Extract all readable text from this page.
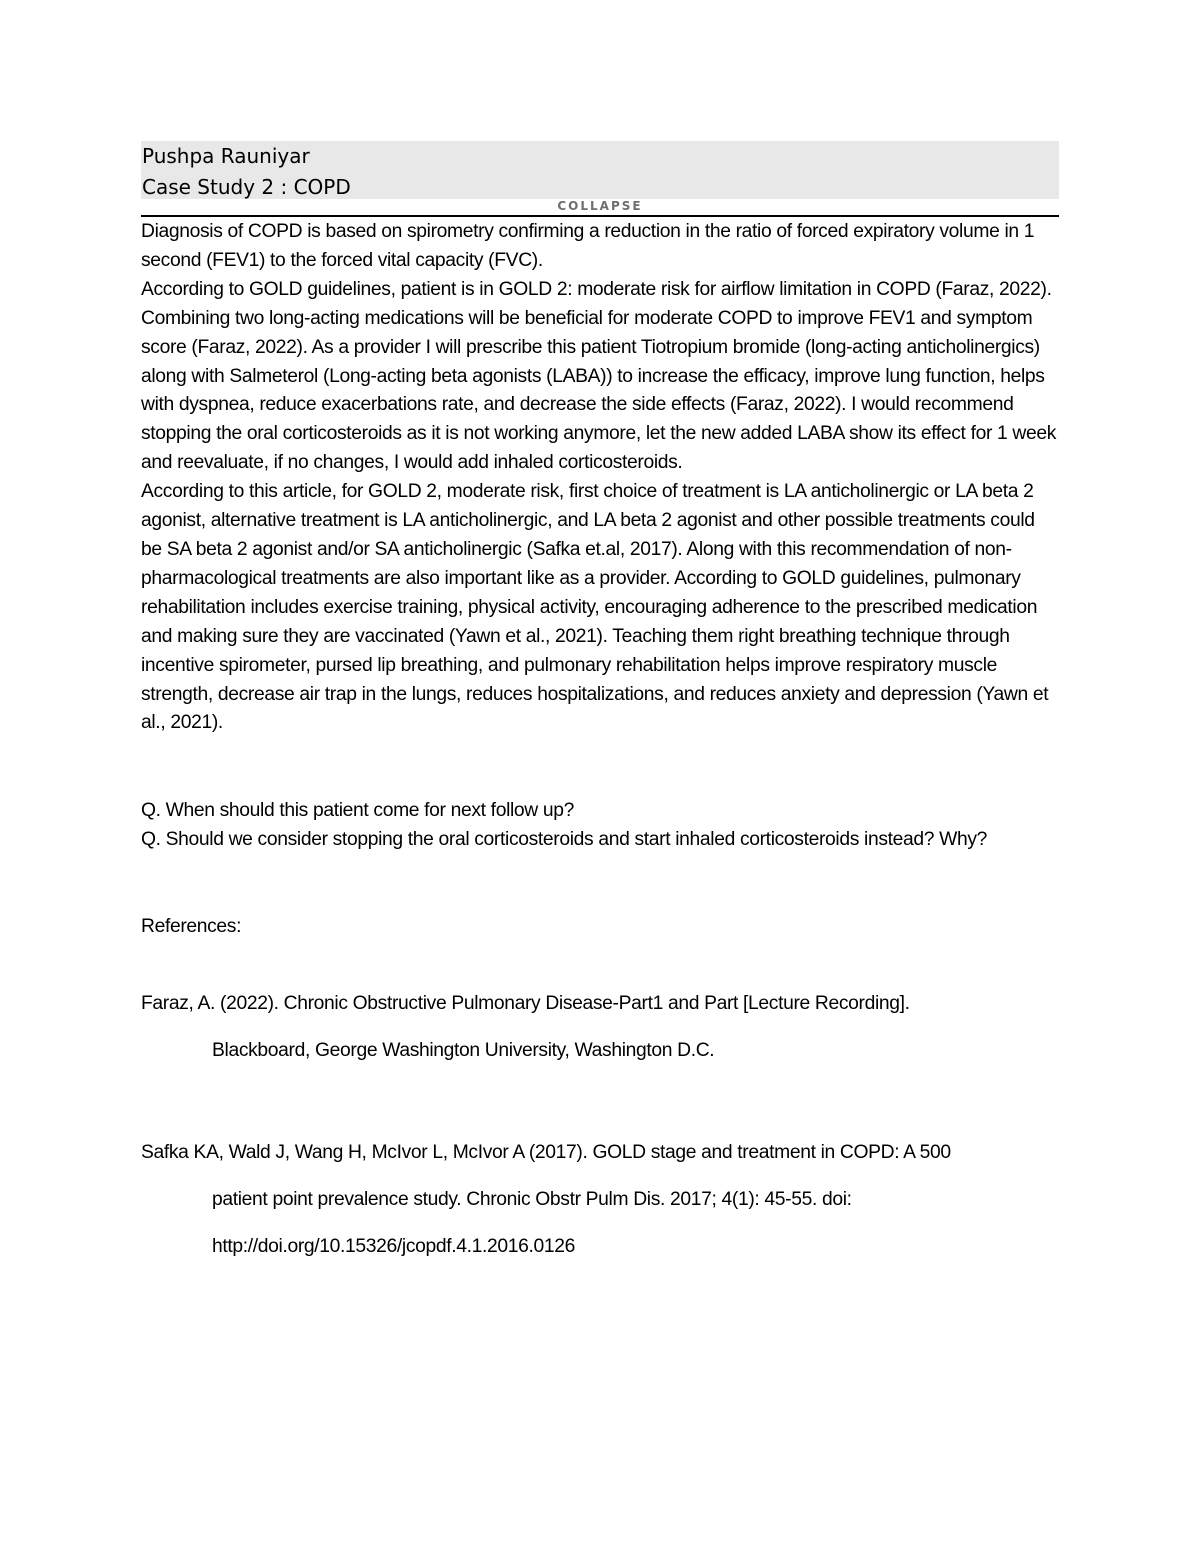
Pushpa Rauniyar
Case Study 2 : COPD
COLLAPSE

Diagnosis of COPD is based on spirometry confirming a reduction in the ratio of forced expiratory volume in 1 second (FEV1) to the forced vital capacity (FVC).

According to GOLD guidelines, patient is in GOLD 2: moderate risk for airflow limitation in COPD (Faraz, 2022). Combining two long-acting medications will be beneficial for moderate COPD to improve FEV1 and symptom score (Faraz, 2022). As a provider I will prescribe this patient Tiotropium bromide (long-acting anticholinergics) along with Salmeterol (Long-acting beta agonists (LABA)) to increase the efficacy, improve lung function, helps with dyspnea, reduce exacerbations rate, and decrease the side effects (Faraz, 2022). I would recommend stopping the oral corticosteroids as it is not working anymore, let the new added LABA show its effect for 1 week and reevaluate, if no changes, I would add inhaled corticosteroids.

According to this article, for GOLD 2, moderate risk, first choice of treatment is LA anticholinergic or LA beta 2 agonist, alternative treatment is LA anticholinergic, and LA beta 2 agonist and other possible treatments could be SA beta 2 agonist and/or SA anticholinergic (Safka et.al, 2017). Along with this recommendation of non-pharmacological treatments are also important like as a provider. According to GOLD guidelines, pulmonary rehabilitation includes exercise training, physical activity, encouraging adherence to the prescribed medication and making sure they are vaccinated (Yawn et al., 2021). Teaching them right breathing technique through incentive spirometer, pursed lip breathing, and pulmonary rehabilitation helps improve respiratory muscle strength, decrease air trap in the lungs, reduces hospitalizations, and reduces anxiety and depression (Yawn et al., 2021).

Q. When should this patient come for next follow up?

Q. Should we consider stopping the oral corticosteroids and start inhaled corticosteroids instead? Why?

References:
Faraz, A. (2022). Chronic Obstructive Pulmonary Disease-Part1 and Part [Lecture Recording].
Blackboard, George Washington University, Washington D.C.
Safka KA, Wald J, Wang H, McIvor L, McIvor A (2017). GOLD stage and treatment in COPD: A 500
patient point prevalence study. Chronic Obstr Pulm Dis. 2017; 4(1): 45-55. doi:
http://doi.org/10.15326/jcopdf.4.1.2016.0126
